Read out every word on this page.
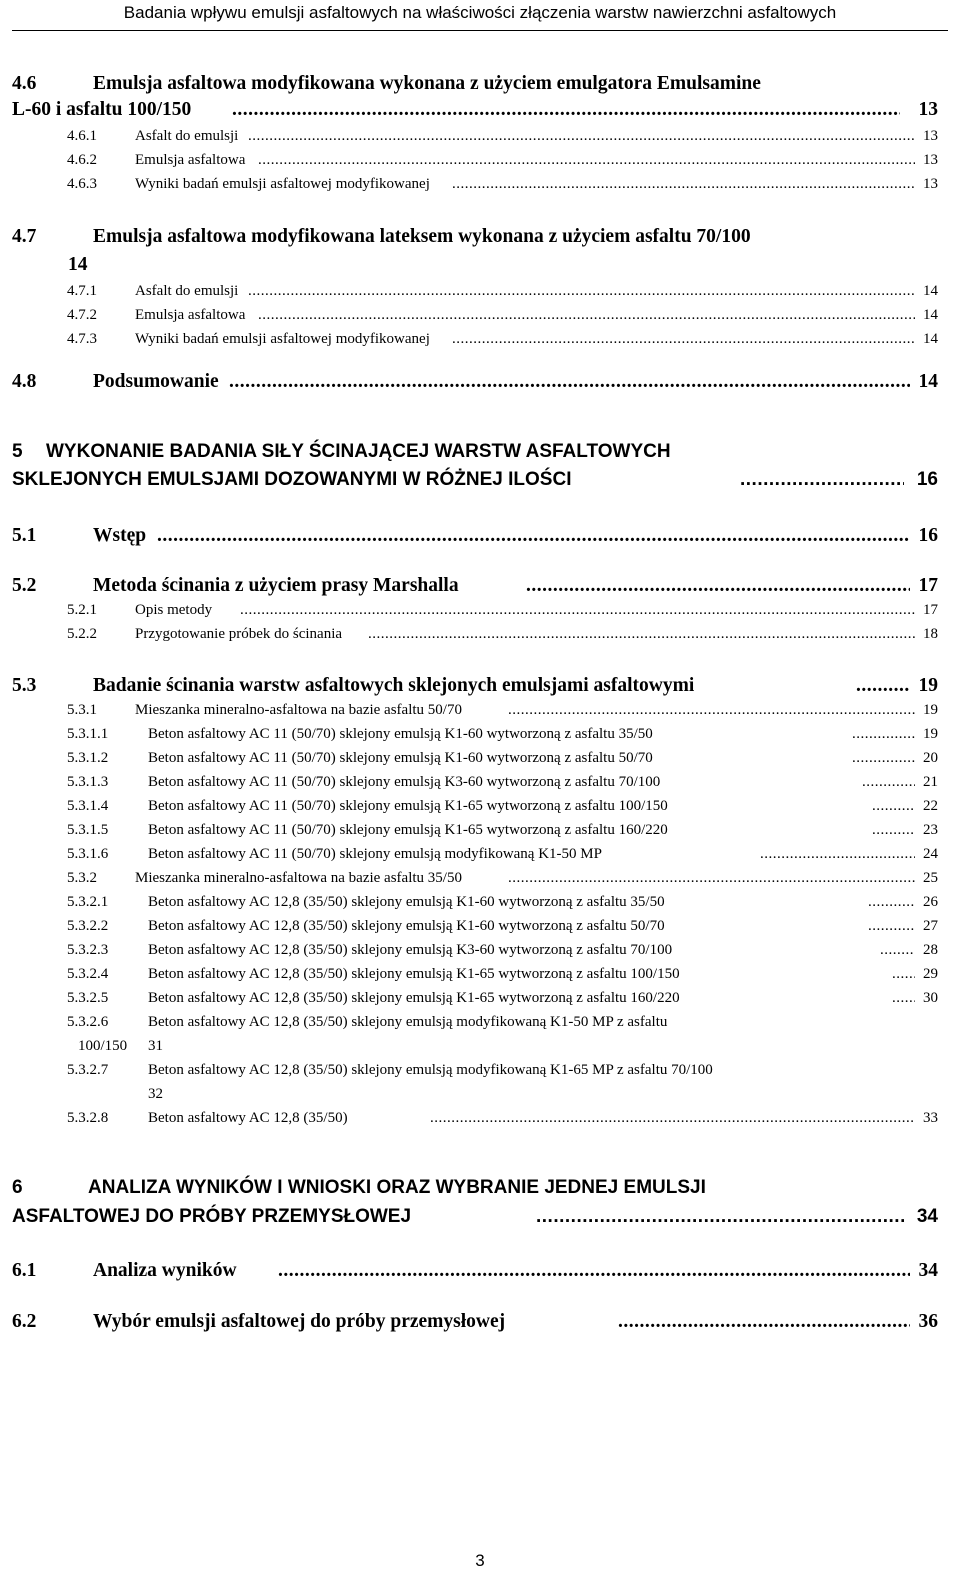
Badania wpływu emulsji asfaltowych na właściwości złączenia warstw nawierzchni asfaltowych
4.6	Emulsja asfaltowa modyfikowana wykonana z użyciem emulgatora Emulsamine
L-60 i asfaltu 100/150 .....	13
4.6.1	Asfalt do emulsji .....	13
4.6.2	Emulsja asfaltowa .....	13
4.6.3	Wyniki badań emulsji asfaltowej modyfikowanej .....	13
4.7	Emulsja asfaltowa modyfikowana lateksem wykonana z użyciem asfaltu 70/100
14
4.7.1	Asfalt do emulsji .....	14
4.7.2	Emulsja asfaltowa .....	14
4.7.3	Wyniki badań emulsji asfaltowej modyfikowanej .....	14
4.8	Podsumowanie .....	14
5 WYKONANIE BADANIA SIŁY ŚCINAJĄCEJ WARSTW ASFALTOWYCH
SKLEJONYCH EMULSJAMI DOZOWANYMI W RÓŻNEJ ILOŚCI .....	16
5.1	Wstęp .....	16
5.2	Metoda ścinania z użyciem prasy Marshalla .....	17
5.2.1	Opis metody .....	17
5.2.2	Przygotowanie próbek do ścinania .....	18
5.3	Badanie ścinania warstw asfaltowych sklejonych emulsjami asfaltowymi .....	19
5.3.1	Mieszanka mineralno-asfaltowa na bazie asfaltu 50/70 .....	19
5.3.1.1	Beton asfaltowy AC 11 (50/70) sklejony emulsją K1-60 wytworzoną z asfaltu 35/50 .....	19
5.3.1.2	Beton asfaltowy AC 11 (50/70) sklejony emulsją K1-60 wytworzoną z asfaltu 50/70 .....	20
5.3.1.3	Beton asfaltowy AC 11 (50/70) sklejony emulsją K3-60 wytworzoną z asfaltu 70/100 .....	21
5.3.1.4	Beton asfaltowy AC 11 (50/70) sklejony emulsją K1-65 wytworzoną z asfaltu 100/150 .....	22
5.3.1.5	Beton asfaltowy AC 11 (50/70) sklejony emulsją K1-65 wytworzoną z asfaltu 160/220 .....	23
5.3.1.6	Beton asfaltowy AC 11 (50/70) sklejony emulsją modyfikowaną K1-50 MP .....	24
5.3.2	Mieszanka mineralno-asfaltowa na bazie asfaltu 35/50 .....	25
5.3.2.1	Beton asfaltowy AC 12,8 (35/50) sklejony emulsją K1-60 wytworzoną z asfaltu 35/50 .....	26
5.3.2.2	Beton asfaltowy AC 12,8 (35/50) sklejony emulsją K1-60 wytworzoną z asfaltu 50/70 .....	27
5.3.2.3	Beton asfaltowy AC 12,8 (35/50) sklejony emulsją K3-60 wytworzoną z asfaltu 70/100 .....	28
5.3.2.4	Beton asfaltowy AC 12,8 (35/50) sklejony emulsją K1-65 wytworzoną z asfaltu 100/150 .....	29
5.3.2.5	Beton asfaltowy AC 12,8 (35/50) sklejony emulsją K1-65 wytworzoną z asfaltu 160/220 .....	30
5.3.2.6	Beton asfaltowy AC 12,8 (35/50) sklejony emulsją modyfikowaną K1-50 MP z asfaltu
100/150 31
5.3.2.7	Beton asfaltowy AC 12,8 (35/50) sklejony emulsją modyfikowaną K1-65 MP z asfaltu 70/100
32
5.3.2.8	Beton asfaltowy AC 12,8 (35/50) .....	33
6	ANALIZA WYNIKÓW I WNIOSKI ORAZ WYBRANIE JEDNEJ EMULSJI
ASFALTOWEJ DO PRÓBY PRZEMYSŁOWEJ .....	34
6.1	Analiza wyników .....	34
6.2	Wybór emulsji asfaltowej do próby przemysłowej .....	36
3
